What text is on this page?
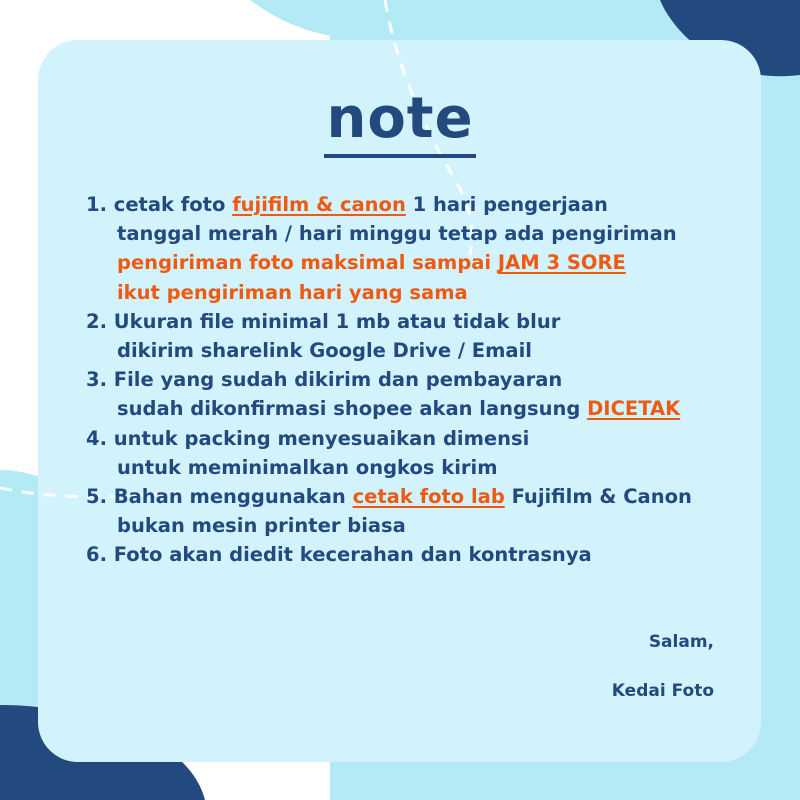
note
1. cetak foto fujifilm & canon 1 hari pengerjaan
tanggal merah / hari minggu tetap ada pengiriman
pengiriman foto maksimal sampai JAM 3 SORE
ikut pengiriman hari yang sama
2. Ukuran file minimal 1 mb atau tidak blur
dikirim sharelink Google Drive / Email
3. File yang sudah dikirim dan pembayaran
sudah dikonfirmasi shopee akan langsung DICETAK
4. untuk packing menyesuaikan dimensi
untuk meminimalkan ongkos kirim
5. Bahan menggunakan cetak foto lab Fujifilm & Canon
bukan mesin printer biasa
6. Foto akan diedit kecerahan dan kontrasnya
Salam,
Kedai Foto
